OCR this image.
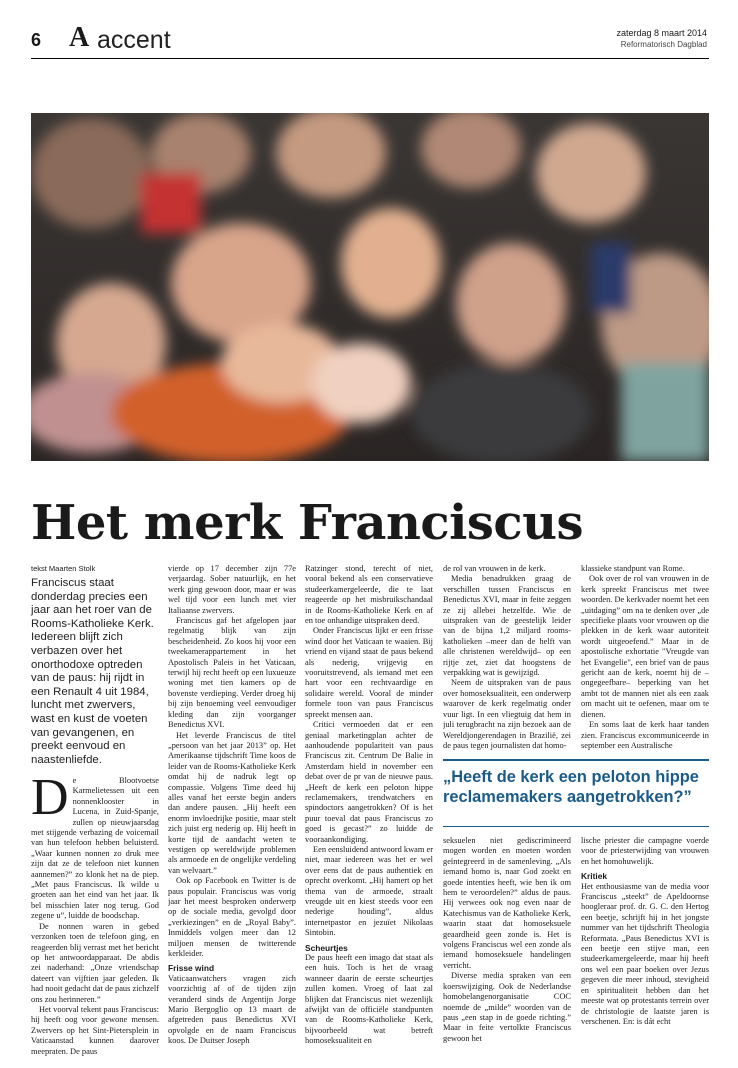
6 A accent	zaterdag 8 maart 2014
Reformatorisch Dagblad
Het merk Franciscus
tekst Maarten Stolk
Franciscus staat donderdag precies een jaar aan het roer van de Rooms-Katholieke Kerk. Iedereen blijft zich verbazen over het onorthodoxe optreden van de paus: hij rijdt in een Renault 4 uit 1984, luncht met zwervers, wast en kust de voeten van gevangenen, en preekt eenvoud en naastenliefde.

De Blootvoetse Karmelietessen uit een nonnenklooster in Lucena, in Zuid-Spanje, zullen op nieuwjaarsdag met stijgende verbazing de voicemail van hun telefoon hebben beluisterd. „Waar kunnen nonnen zo druk mee zijn dat ze de telefoon niet kunnen aannemen?” zo klonk het na de piep. „Met paus Franciscus. Ik wilde u groeten aan het eind van het jaar. Ik bel misschien later nog terug. God zegene u”, luidde de boodschap.

De nonnen waren in gebed verzonken toen de telefoon ging, en reageerden blij verrast met het bericht op het antwoordapparaat. De abdis zei naderhand: „Onze vriendschap dateert van vijftien jaar geleden. Ik had nooit gedacht dat de paus zichzelf ons zou herinneren.”

Het voorval tekent paus Franciscus: hij heeft oog voor gewone mensen. Zwervers op het Sint-Pietersplein in Vaticaanstad kunnen daarover meepraten. De paus

vierde op 17 december zijn 77e verjaardag. Sober natuurlijk, en het werk ging gewoon door, maar er was wel tijd voor een lunch met vier Italiaanse zwervers.

Franciscus gaf het afgelopen jaar regelmatig blijk van zijn bescheidenheid. Zo koos hij voor een tweekamerappartement in het Apostolisch Paleis in het Vaticaan, terwijl hij recht heeft op een luxueuze woning met tien kamers op de bovenste verdieping. Verder droeg hij bij zijn benoeming veel eenvoudiger kleding dan zijn voorganger Benedictus XVI.

Het leverde Franciscus de titel „persoon van het jaar 2013” op. Het Amerikaanse tijdschrift Time koos de leider van de Rooms-Katholieke Kerk omdat hij de nadruk legt op compassie. Volgens Time deed hij alles vanaf het eerste begin anders dan andere pausen. „Hij heeft een enorm invloedrijke positie, maar stelt zich juist erg nederig op. Hij heeft in korte tijd de aandacht weten te vestigen op wereldwijde problemen als armoede en de ongelijke verdeling van welvaart.”

Ook op Facebook en Twitter is de paus populair. Franciscus was vorig jaar het meest besproken onderwerp op de sociale media, gevolgd door „verkiezingen” en de „Royal Baby”. Inmiddels volgen meer dan 12 miljoen mensen de twitterende kerkleider.

Frisse wind

Vaticaanwatchers vragen zich voorzichtig af of de tijden zijn veranderd sinds de Argentijn Jorge Mario Bergoglio op 13 maart de afgetreden paus Benedictus XVI opvolgde en de naam Franciscus koos. De Duitser Joseph

Ratzinger stond, terecht of niet, vooral bekend als een conservatieve studeerkamergeleerde, die te laat reageerde op het misbruikschandaal in de Rooms-Katholieke Kerk en af en toe onhandige uitspraken deed.

Onder Franciscus lijkt er een frisse wind door het Vaticaan te waaien. Bij vriend en vijand staat de paus bekend als nederig, vrijgevig en vooruitstrevend, als iemand met een hart voor een rechtvaardige en solidaire wereld. Vooral de minder formele toon van paus Franciscus spreekt mensen aan.

Critici vermoeden dat er een geniaal marketingplan achter de aanhoudende populariteit van paus Franciscus zit. Centrum De Balie in Amsterdam hield in november een debat over de pr van de nieuwe paus. „Heeft de kerk een peloton hippe reclamemakers, trendwatchers en spindoctors aangetrokken? Of is het puur toeval dat paus Franciscus zo goed is gecast?” zo luidde de vooraankondiging.

Een eensluidend antwoord kwam er niet, maar iedereen was het er wel over eens dat de paus authentiek en oprecht overkomt. „Hij hamert op het thema van de armoede, straalt vreugde uit en kiest steeds voor een nederige houding”, aldus internetpastor en jezuïet Nikolaas Sintobin.

Scheurtjes

De paus heeft een imago dat staat als een huis. Toch is het de vraag wanneer daarin de eerste scheurtjes zullen komen. Vroeg of laat zal blijken dat Franciscus niet wezenlijk afwijkt van de officiële standpunten van de Rooms-Katholieke Kerk, bijvoorbeeld wat betreft homoseksualiteit en

de rol van vrouwen in de kerk.

Media benadrukken graag de verschillen tussen Franciscus en Benedictus XVI, maar in feite zeggen ze zij allebei hetzelfde. Wie de uitspraken van de geestelijk leider van de bijna 1,2 miljard rooms-katholieken –meer dan de helft van alle christenen wereldwijd– op een rijtje zet, ziet dat hoogstens de verpakking wat is gewijzigd.

Neem de uitspraken van de paus over homoseksualiteit, een onderwerp waarover de kerk regelmatig onder vuur ligt. In een vliegtuig dat hem in juli terugbracht na zijn bezoek aan de Wereldjongerendagen in Brazilië, zei de paus tegen journalisten dat homo-

klassieke standpunt van Rome.

Ook over de rol van vrouwen in de kerk spreekt Franciscus met twee woorden. De kerkvader noemt het een „uitdaging” om na te denken over „de specifieke plaats voor vrouwen op die plekken in de kerk waar autoriteit wordt uitgeoefend.” Maar in de apostolische exhortatie "Vreugde van het Evangelie", een brief van de paus gericht aan de kerk, noemt hij de –ongegeefbare– beperking van het ambt tot de mannen niet als een zaak om macht uit te oefenen, maar om te dienen.

En soms laat de kerk haar tanden zien. Franciscus excommuniceerde in september een Australische

„Heeft de kerk een peloton hippe reclamemakers aangetrokken?”

seksuelen niet gediscrimineerd mogen worden en moeten worden geïntegreerd in de samenleving. „Als iemand homo is, naar God zoekt en goede intenties heeft, wie ben ik om hem te veroordelen?” aldus de paus. Hij verwees ook nog even naar de Katechismus van de Katholieke Kerk, waarin staat dat homoseksuele geaardheid geen zonde is. Het is volgens Franciscus wel een zonde als iemand homoseksuele handelingen verricht.

Diverse media spraken van een koerswijziging. Ook de Nederlandse homobelangenorganisatie COC noemde de „milde” woorden van de paus „een stap in de goede richting.” Maar in feite vertolkte Franciscus gewoon het

lische priester die campagne voerde voor de priesterwijding van vrouwen en het homohuwelijk.

Kritiek

Het enthousiasme van de media voor Franciscus „steekt” de Apeldoornse hoogleraar prof. dr. G. C. den Hertog een beetje, schrijft hij in het jongste nummer van het tijdschrift Theologia Reformata. „Paus Benedictus XVI is een beetje een stijve man, een studeerkamergeleerde, maar hij heeft ons wel een paar boeken over Jezus gegeven die meer inhoud, stevigheid en spiritualiteit hebben dan het meeste wat op protestants terrein over de christologie de laatste jaren is verschenen. En: is dát echt
